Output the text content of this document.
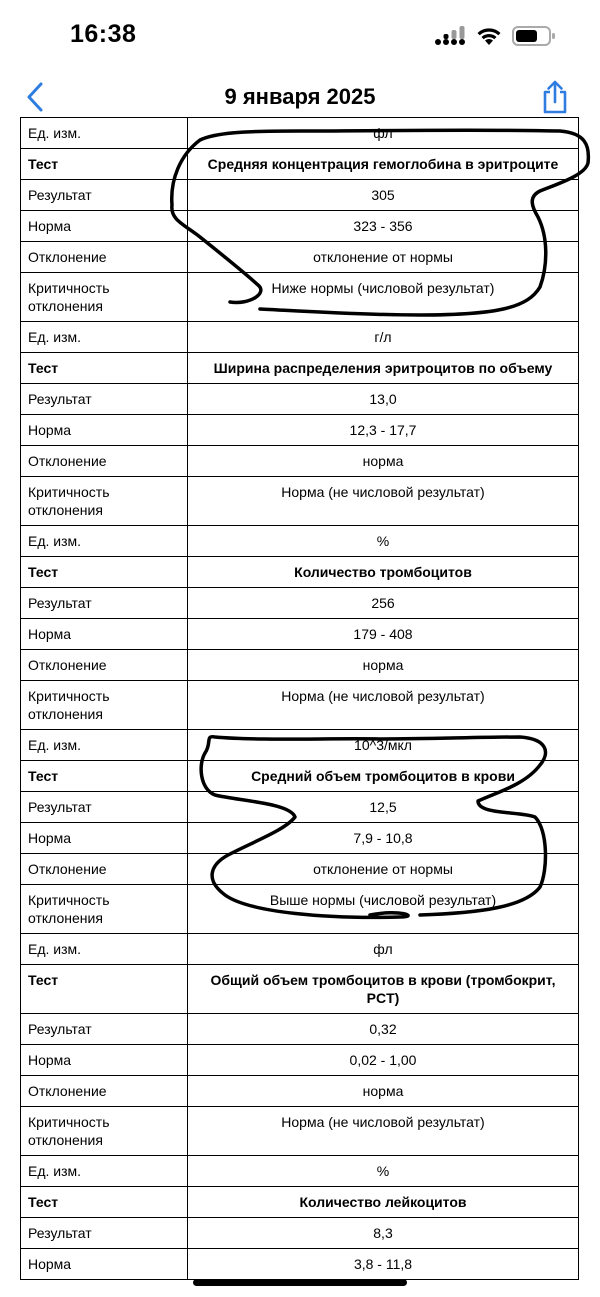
16:38
9 января 2025
Ед. изм.	фл
Тест	Средняя концентрация гемоглобина в эритроците
Результат	305
Норма	323 - 356
Отклонение	отклонение от нормы
Критичность отклонения	Ниже нормы (числовой результат)
Ед. изм.	г/л
Тест	Ширина распределения эритроцитов по объему
Результат	13,0
Норма	12,3 - 17,7
Отклонение	норма
Критичность отклонения	Норма (не числовой результат)
Ед. изм.	%
Тест	Количество тромбоцитов
Результат	256
Норма	179 - 408
Отклонение	норма
Критичность отклонения	Норма (не числовой результат)
Ед. изм.	10^3/мкл
Тест	Средний объем тромбоцитов в крови
Результат	12,5
Норма	7,9 - 10,8
Отклонение	отклонение от нормы
Критичность отклонения	Выше нормы (числовой результат)
Ед. изм.	фл
Тест	Общий объем тромбоцитов в крови (тромбокрит, PCT)
Результат	0,32
Норма	0,02 - 1,00
Отклонение	норма
Критичность отклонения	Норма (не числовой результат)
Ед. изм.	%
Тест	Количество лейкоцитов
Результат	8,3
Норма	3,8 - 11,8
